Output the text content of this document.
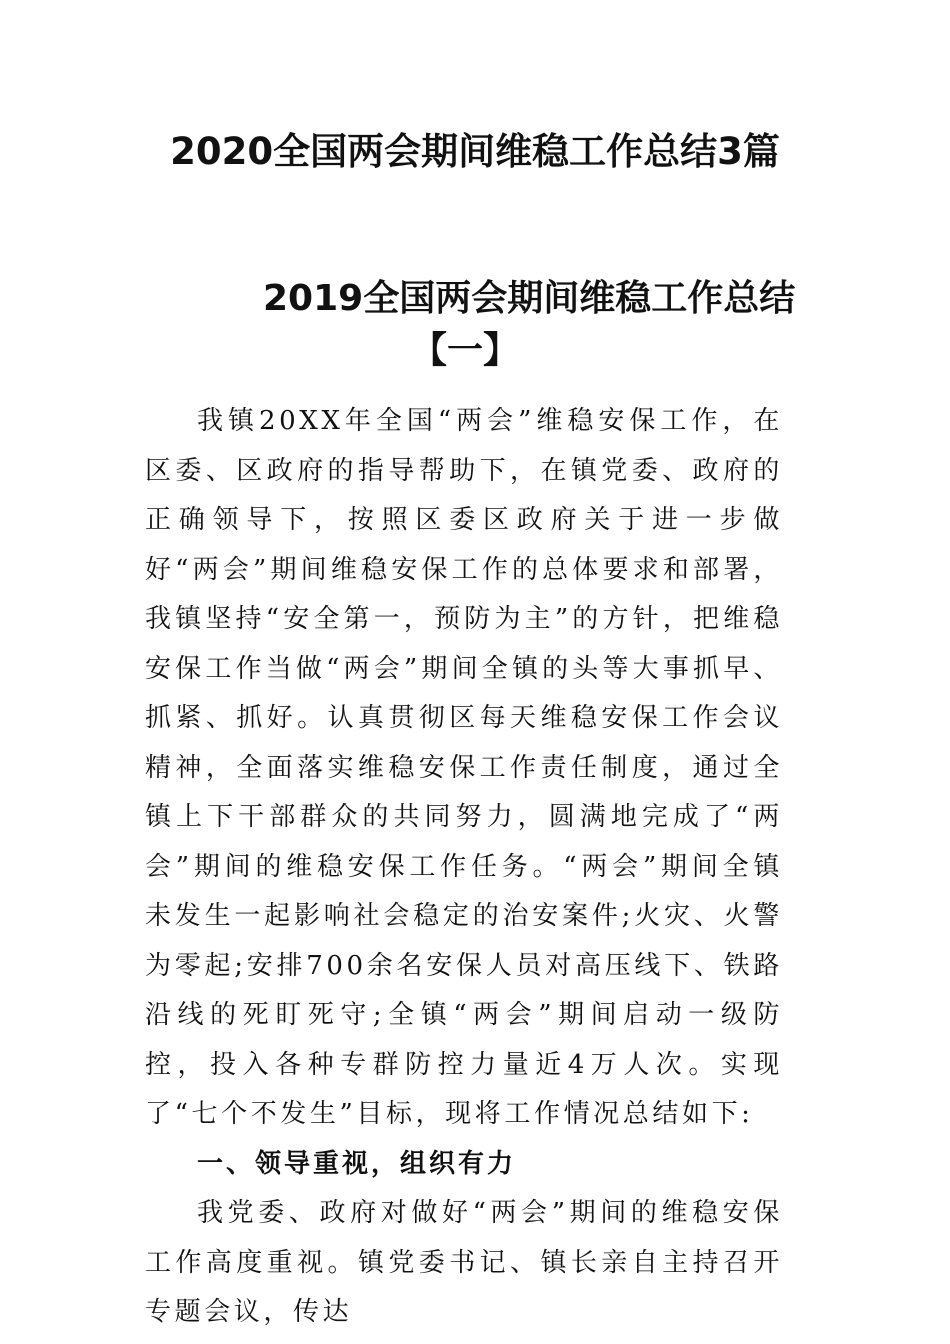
2020全国两会期间维稳工作总结3篇
2019全国两会期间维稳工作总结
【一】

我镇20XX年全国“两会”维稳安保工作，在区委、区政府的指导帮助下，在镇党委、政府的正确领导下，按照区委区政府关于进一步做好“两会”期间维稳安保工作的总体要求和部署，我镇坚持“安全第一，预防为主”的方针，把维稳安保工作当做“两会”期间全镇的头等大事抓早、抓紧、抓好。认真贯彻区每天维稳安保工作会议精神，全面落实维稳安保工作责任制度，通过全镇上下干部群众的共同努力，圆满地完成了“两会”期间的维稳安保工作任务。“两会”期间全镇未发生一起影响社会稳定的治安案件;火灾、火警为零起;安排700余名安保人员对高压线下、铁路沿线的死盯死守;全镇“两会”期间启动一级防控，投入各种专群防控力量近4万人次。实现了“七个不发生”目标，现将工作情况总结如下:

一、领导重视，组织有力

我党委、政府对做好“两会”期间的维稳安保工作高度重视。镇党委书记、镇长亲自主持召开专题会议，传达
